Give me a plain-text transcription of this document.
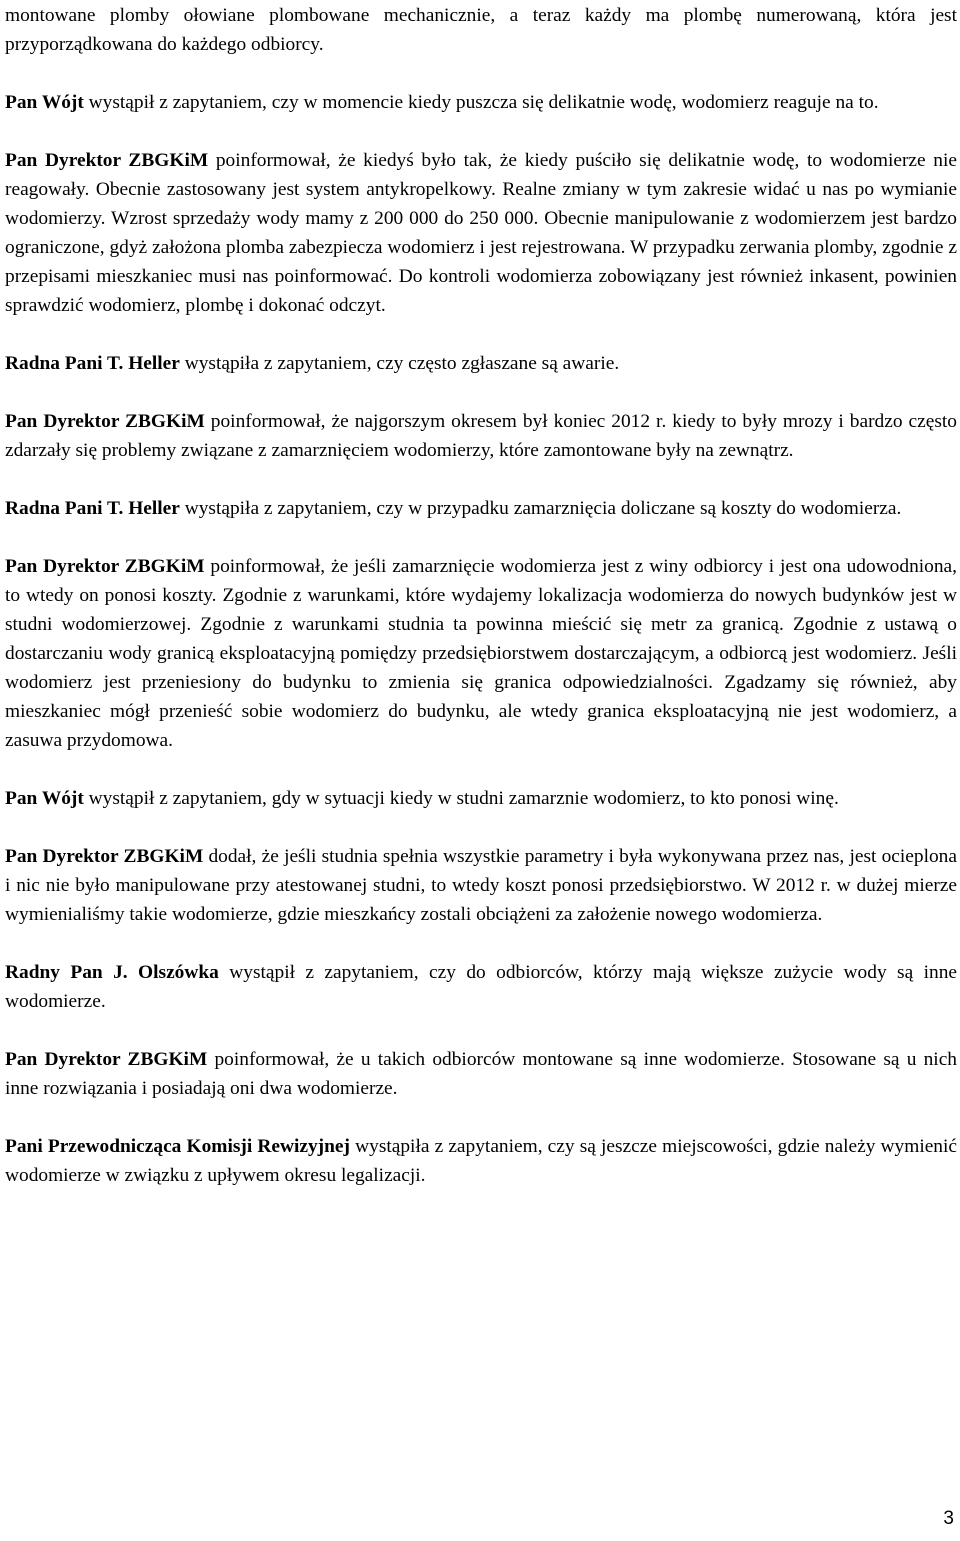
montowane plomby ołowiane plombowane mechanicznie, a teraz każdy ma plombę numerowaną, która jest przyporządkowana do każdego odbiorcy.

Pan Wójt wystąpił z zapytaniem, czy w momencie kiedy puszcza się delikatnie wodę, wodomierz reaguje na to.

Pan Dyrektor ZBGKiM poinformował, że kiedyś było tak, że kiedy puściło się delikatnie wodę, to wodomierze nie reagowały. Obecnie zastosowany jest system antykropelkowy. Realne zmiany w tym zakresie widać u nas po wymianie wodomierzy. Wzrost sprzedaży wody mamy z 200 000 do 250 000. Obecnie manipulowanie z wodomierzem jest bardzo ograniczone, gdyż założona plomba zabezpiecza wodomierz i jest rejestrowana. W przypadku zerwania plomby, zgodnie z przepisami mieszkaniec musi nas poinformować. Do kontroli wodomierza zobowiązany jest również inkasent, powinien sprawdzić wodomierz, plombę i dokonać odczyt.

Radna Pani T. Heller wystąpiła z zapytaniem, czy często zgłaszane są awarie.

Pan Dyrektor ZBGKiM poinformował, że najgorszym okresem był koniec 2012 r. kiedy to były mrozy i bardzo często zdarzały się problemy związane z zamarznięciem wodomierzy, które zamontowane były na zewnątrz.

Radna Pani T. Heller wystąpiła z zapytaniem, czy w przypadku zamarznięcia doliczane są koszty do wodomierza.

Pan Dyrektor ZBGKiM poinformował, że jeśli zamarznięcie wodomierza jest z winy odbiorcy i jest ona udowodniona, to wtedy on ponosi koszty. Zgodnie z warunkami, które wydajemy lokalizacja wodomierza do nowych budynków jest w studni wodomierzowej. Zgodnie z warunkami studnia ta powinna mieścić się metr za granicą. Zgodnie z ustawą o dostarczaniu wody granicą eksploatacyjną pomiędzy przedsiębiorstwem dostarczającym, a odbiorcą jest wodomierz. Jeśli wodomierz jest przeniesiony do budynku to zmienia się granica odpowiedzialności. Zgadzamy się również, aby mieszkaniec mógł przenieść sobie wodomierz do budynku, ale wtedy granica eksploatacyjną nie jest wodomierz, a zasuwa przydomowa.

Pan Wójt wystąpił z zapytaniem, gdy w sytuacji kiedy w studni zamarznie wodomierz, to kto ponosi winę.

Pan Dyrektor ZBGKiM dodał, że jeśli studnia spełnia wszystkie parametry i była wykonywana przez nas, jest ocieplona i nic nie było manipulowane przy atestowanej studni, to wtedy koszt ponosi przedsiębiorstwo. W 2012 r. w dużej mierze wymienialiśmy takie wodomierze, gdzie mieszkańcy zostali obciążeni za założenie nowego wodomierza.

Radny Pan J. Olszówka wystąpił z zapytaniem, czy do odbiorców, którzy mają większe zużycie wody są inne wodomierze.

Pan Dyrektor ZBGKiM poinformował, że u takich odbiorców montowane są inne wodomierze. Stosowane są u nich inne rozwiązania i posiadają oni dwa wodomierze.

Pani Przewodnicząca Komisji Rewizyjnej wystąpiła z zapytaniem, czy są jeszcze miejscowości, gdzie należy wymienić wodomierze w związku z upływem okresu legalizacji.

3
